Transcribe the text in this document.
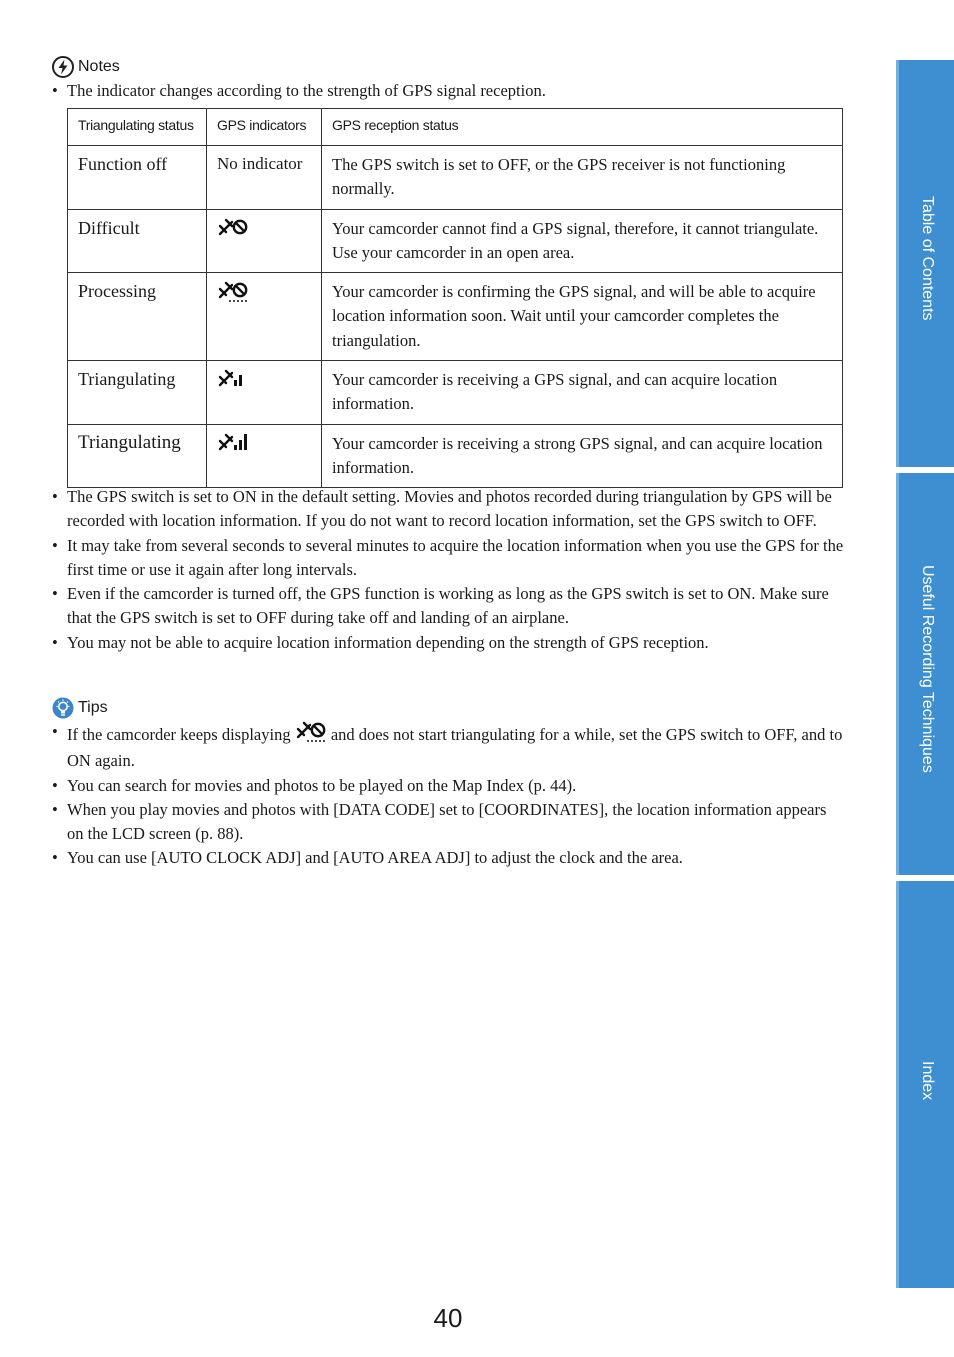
Notes
• The indicator changes according to the strength of GPS signal reception.
Triangulating status	GPS indicators	GPS reception status
Function off	No indicator	The GPS switch is set to OFF, or the GPS receiver is not functioning normally.
Difficult		Your camcorder cannot find a GPS signal, therefore, it cannot triangulate. Use your camcorder in an open area.
Processing		Your camcorder is confirming the GPS signal, and will be able to acquire location information soon. Wait until your camcorder completes the triangulation.
Triangulating		Your camcorder is receiving a GPS signal, and can acquire location information.
Triangulating		Your camcorder is receiving a strong GPS signal, and can acquire location information.
• The GPS switch is set to ON in the default setting. Movies and photos recorded during triangulation by GPS will be recorded with location information. If you do not want to record location information, set the GPS switch to OFF.
• It may take from several seconds to several minutes to acquire the location information when you use the GPS for the first time or use it again after long intervals.
• Even if the camcorder is turned off, the GPS function is working as long as the GPS switch is set to ON. Make sure that the GPS switch is set to OFF during take off and landing of an airplane.
• You may not be able to acquire location information depending on the strength of GPS reception.
Tips
• If the camcorder keeps displaying and does not start triangulating for a while, set the GPS switch to OFF, and to ON again.
• You can search for movies and photos to be played on the Map Index (p. 44).
• When you play movies and photos with [DATA CODE] set to [COORDINATES], the location information appears on the LCD screen (p. 88).
• You can use [AUTO CLOCK ADJ] and [AUTO AREA ADJ] to adjust the clock and the area.
Table of Contents
Useful Recording Techniques
Index
40
